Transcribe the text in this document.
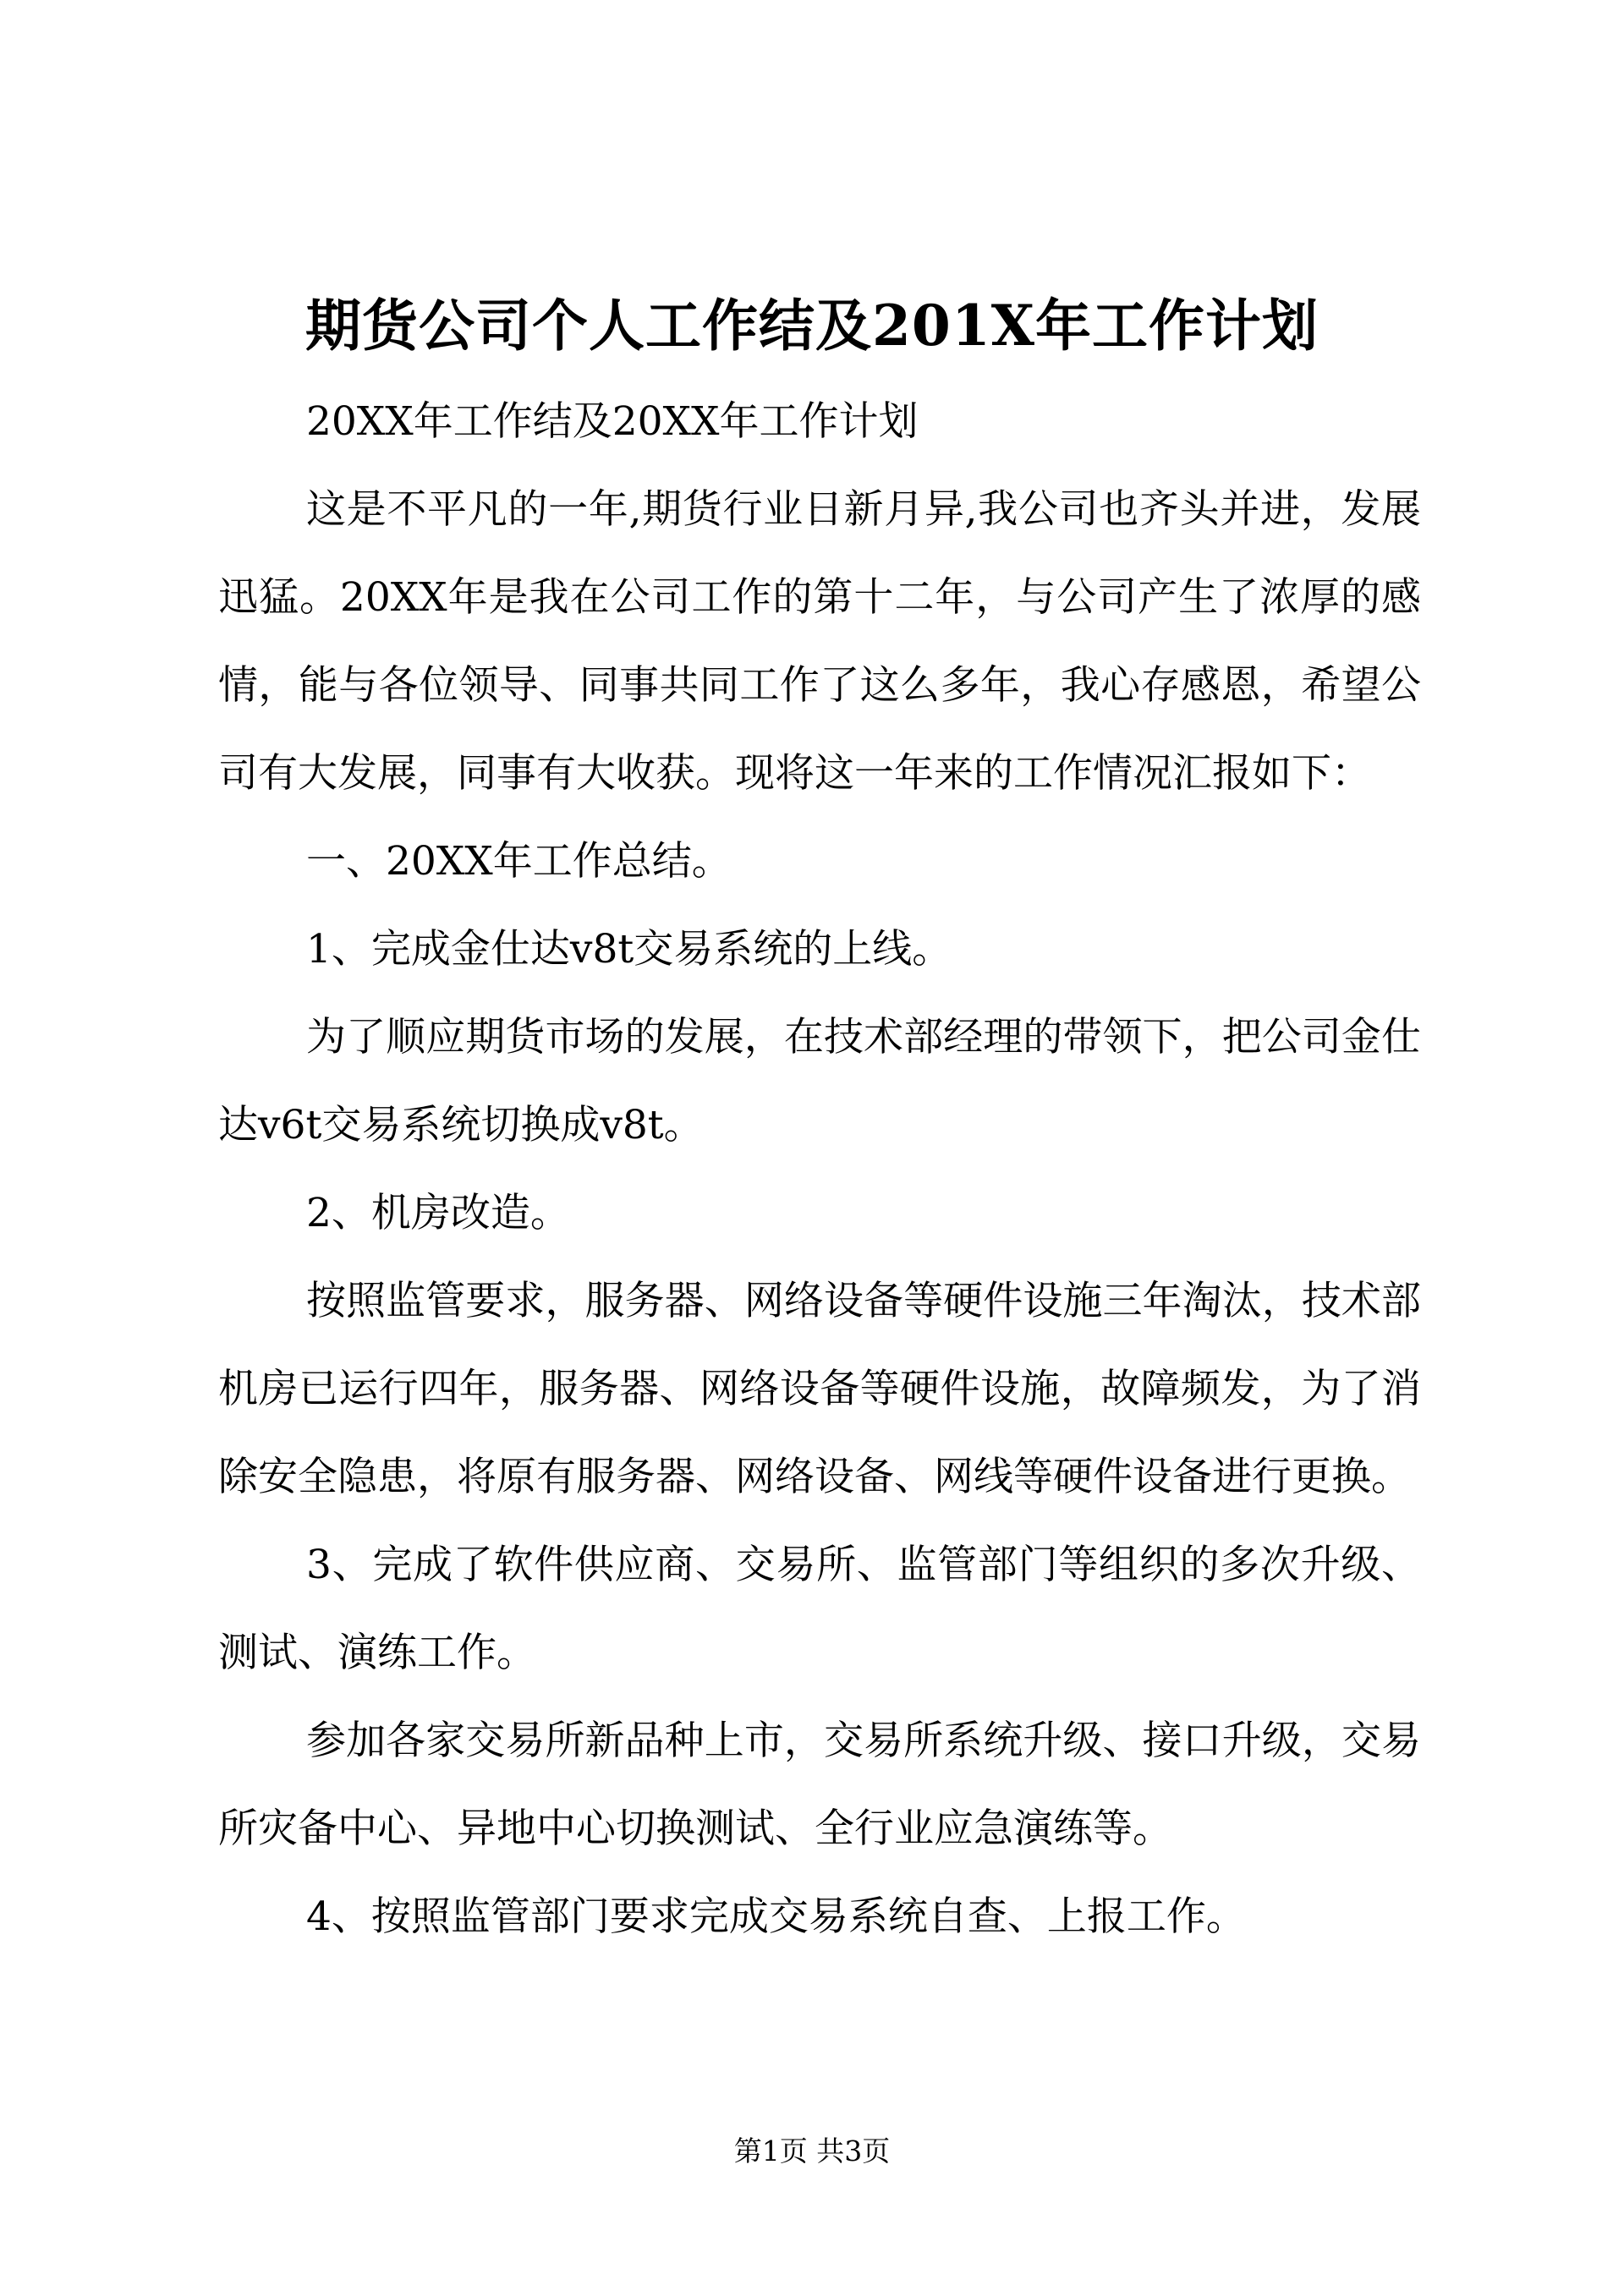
期货公司个人工作结及201X年工作计划

20XX年工作结及20XX年工作计划

这是不平凡的一年,期货行业日新月异,我公司也齐头并进，发展迅猛。20XX年是我在公司工作的第十二年，与公司产生了浓厚的感情，能与各位领导、同事共同工作了这么多年，我心存感恩，希望公司有大发展，同事有大收获。现将这一年来的工作情况汇报如下：

一、20XX年工作总结。

1、完成金仕达v8t交易系统的上线。

为了顺应期货市场的发展，在技术部经理的带领下，把公司金仕达v6t交易系统切换成v8t。

2、机房改造。

按照监管要求，服务器、网络设备等硬件设施三年淘汰，技术部机房已运行四年，服务器、网络设备等硬件设施，故障频发，为了消除安全隐患，将原有服务器、网络设备、网线等硬件设备进行更换。

3、完成了软件供应商、交易所、监管部门等组织的多次升级、测试、演练工作。

参加各家交易所新品种上市，交易所系统升级、接口升级，交易所灾备中心、异地中心切换测试、全行业应急演练等。

4、按照监管部门要求完成交易系统自查、上报工作。

第1页 共3页
